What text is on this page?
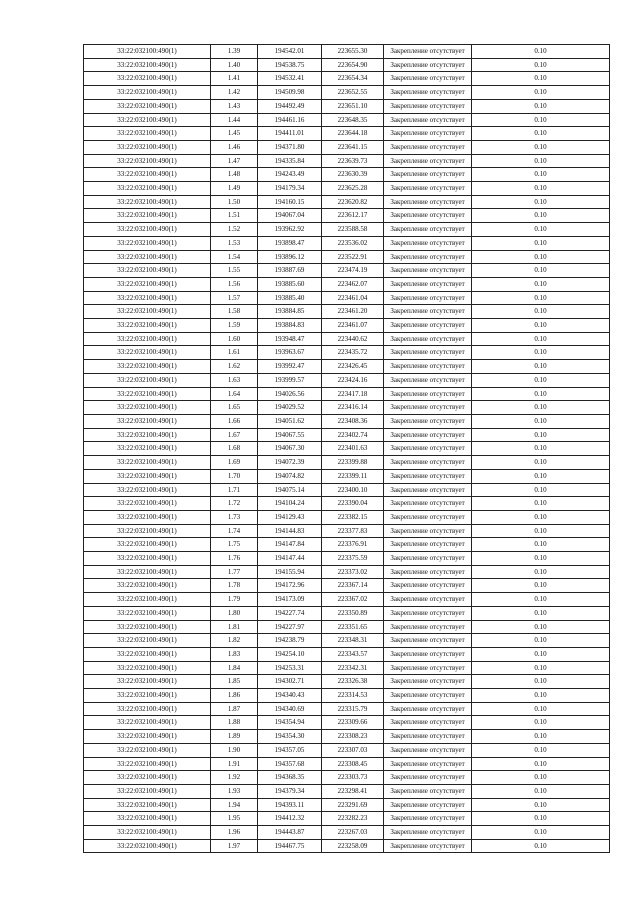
33:22:032100:490(1)	1.39	194542.01	223655.30	Закрепление отсутствует	0.10
33:22:032100:490(1)	1.40	194538.75	223654.90	Закрепление отсутствует	0.10
33:22:032100:490(1)	1.41	194532.41	223654.34	Закрепление отсутствует	0.10
33:22:032100:490(1)	1.42	194509.98	223652.55	Закрепление отсутствует	0.10
33:22:032100:490(1)	1.43	194492.49	223651.10	Закрепление отсутствует	0.10
33:22:032100:490(1)	1.44	194461.16	223648.35	Закрепление отсутствует	0.10
33:22:032100:490(1)	1.45	194411.01	223644.18	Закрепление отсутствует	0.10
33:22:032100:490(1)	1.46	194371.80	223641.15	Закрепление отсутствует	0.10
33:22:032100:490(1)	1.47	194335.84	223639.73	Закрепление отсутствует	0.10
33:22:032100:490(1)	1.48	194243.49	223630.39	Закрепление отсутствует	0.10
33:22:032100:490(1)	1.49	194179.34	223625.28	Закрепление отсутствует	0.10
33:22:032100:490(1)	1.50	194160.15	223620.82	Закрепление отсутствует	0.10
33:22:032100:490(1)	1.51	194067.04	223612.17	Закрепление отсутствует	0.10
33:22:032100:490(1)	1.52	193962.92	223588.58	Закрепление отсутствует	0.10
33:22:032100:490(1)	1.53	193898.47	223536.02	Закрепление отсутствует	0.10
33:22:032100:490(1)	1.54	193896.12	223522.91	Закрепление отсутствует	0.10
33:22:032100:490(1)	1.55	193887.69	223474.19	Закрепление отсутствует	0.10
33:22:032100:490(1)	1.56	193885.60	223462.07	Закрепление отсутствует	0.10
33:22:032100:490(1)	1.57	193885.40	223461.04	Закрепление отсутствует	0.10
33:22:032100:490(1)	1.58	193884.85	223461.20	Закрепление отсутствует	0.10
33:22:032100:490(1)	1.59	193884.83	223461.07	Закрепление отсутствует	0.10
33:22:032100:490(1)	1.60	193948.47	223440.62	Закрепление отсутствует	0.10
33:22:032100:490(1)	1.61	193963.67	223435.72	Закрепление отсутствует	0.10
33:22:032100:490(1)	1.62	193992.47	223426.45	Закрепление отсутствует	0.10
33:22:032100:490(1)	1.63	193999.57	223424.16	Закрепление отсутствует	0.10
33:22:032100:490(1)	1.64	194026.56	223417.18	Закрепление отсутствует	0.10
33:22:032100:490(1)	1.65	194029.52	223416.14	Закрепление отсутствует	0.10
33:22:032100:490(1)	1.66	194051.62	223408.36	Закрепление отсутствует	0.10
33:22:032100:490(1)	1.67	194067.55	223402.74	Закрепление отсутствует	0.10
33:22:032100:490(1)	1.68	194067.30	223401.63	Закрепление отсутствует	0.10
33:22:032100:490(1)	1.69	194072.39	223399.88	Закрепление отсутствует	0.10
33:22:032100:490(1)	1.70	194074.82	223399.11	Закрепление отсутствует	0.10
33:22:032100:490(1)	1.71	194075.14	223400.10	Закрепление отсутствует	0.10
33:22:032100:490(1)	1.72	194104.24	223390.04	Закрепление отсутствует	0.10
33:22:032100:490(1)	1.73	194129.43	223382.15	Закрепление отсутствует	0.10
33:22:032100:490(1)	1.74	194144.83	223377.83	Закрепление отсутствует	0.10
33:22:032100:490(1)	1.75	194147.84	223376.91	Закрепление отсутствует	0.10
33:22:032100:490(1)	1.76	194147.44	223375.59	Закрепление отсутствует	0.10
33:22:032100:490(1)	1.77	194155.94	223373.02	Закрепление отсутствует	0.10
33:22:032100:490(1)	1.78	194172.96	223367.14	Закрепление отсутствует	0.10
33:22:032100:490(1)	1.79	194173.09	223367.02	Закрепление отсутствует	0.10
33:22:032100:490(1)	1.80	194227.74	223350.89	Закрепление отсутствует	0.10
33:22:032100:490(1)	1.81	194227.97	223351.65	Закрепление отсутствует	0.10
33:22:032100:490(1)	1.82	194238.79	223348.31	Закрепление отсутствует	0.10
33:22:032100:490(1)	1.83	194254.10	223343.57	Закрепление отсутствует	0.10
33:22:032100:490(1)	1.84	194253.31	223342.31	Закрепление отсутствует	0.10
33:22:032100:490(1)	1.85	194302.71	223326.38	Закрепление отсутствует	0.10
33:22:032100:490(1)	1.86	194340.43	223314.53	Закрепление отсутствует	0.10
33:22:032100:490(1)	1.87	194340.69	223315.79	Закрепление отсутствует	0.10
33:22:032100:490(1)	1.88	194354.94	223309.66	Закрепление отсутствует	0.10
33:22:032100:490(1)	1.89	194354.30	223308.23	Закрепление отсутствует	0.10
33:22:032100:490(1)	1.90	194357.05	223307.03	Закрепление отсутствует	0.10
33:22:032100:490(1)	1.91	194357.68	223308.45	Закрепление отсутствует	0.10
33:22:032100:490(1)	1.92	194368.35	223303.73	Закрепление отсутствует	0.10
33:22:032100:490(1)	1.93	194379.34	223298.41	Закрепление отсутствует	0.10
33:22:032100:490(1)	1.94	194393.11	223291.69	Закрепление отсутствует	0.10
33:22:032100:490(1)	1.95	194412.32	223282.23	Закрепление отсутствует	0.10
33:22:032100:490(1)	1.96	194443.87	223267.03	Закрепление отсутствует	0.10
33:22:032100:490(1)	1.97	194467.75	223258.09	Закрепление отсутствует	0.10
